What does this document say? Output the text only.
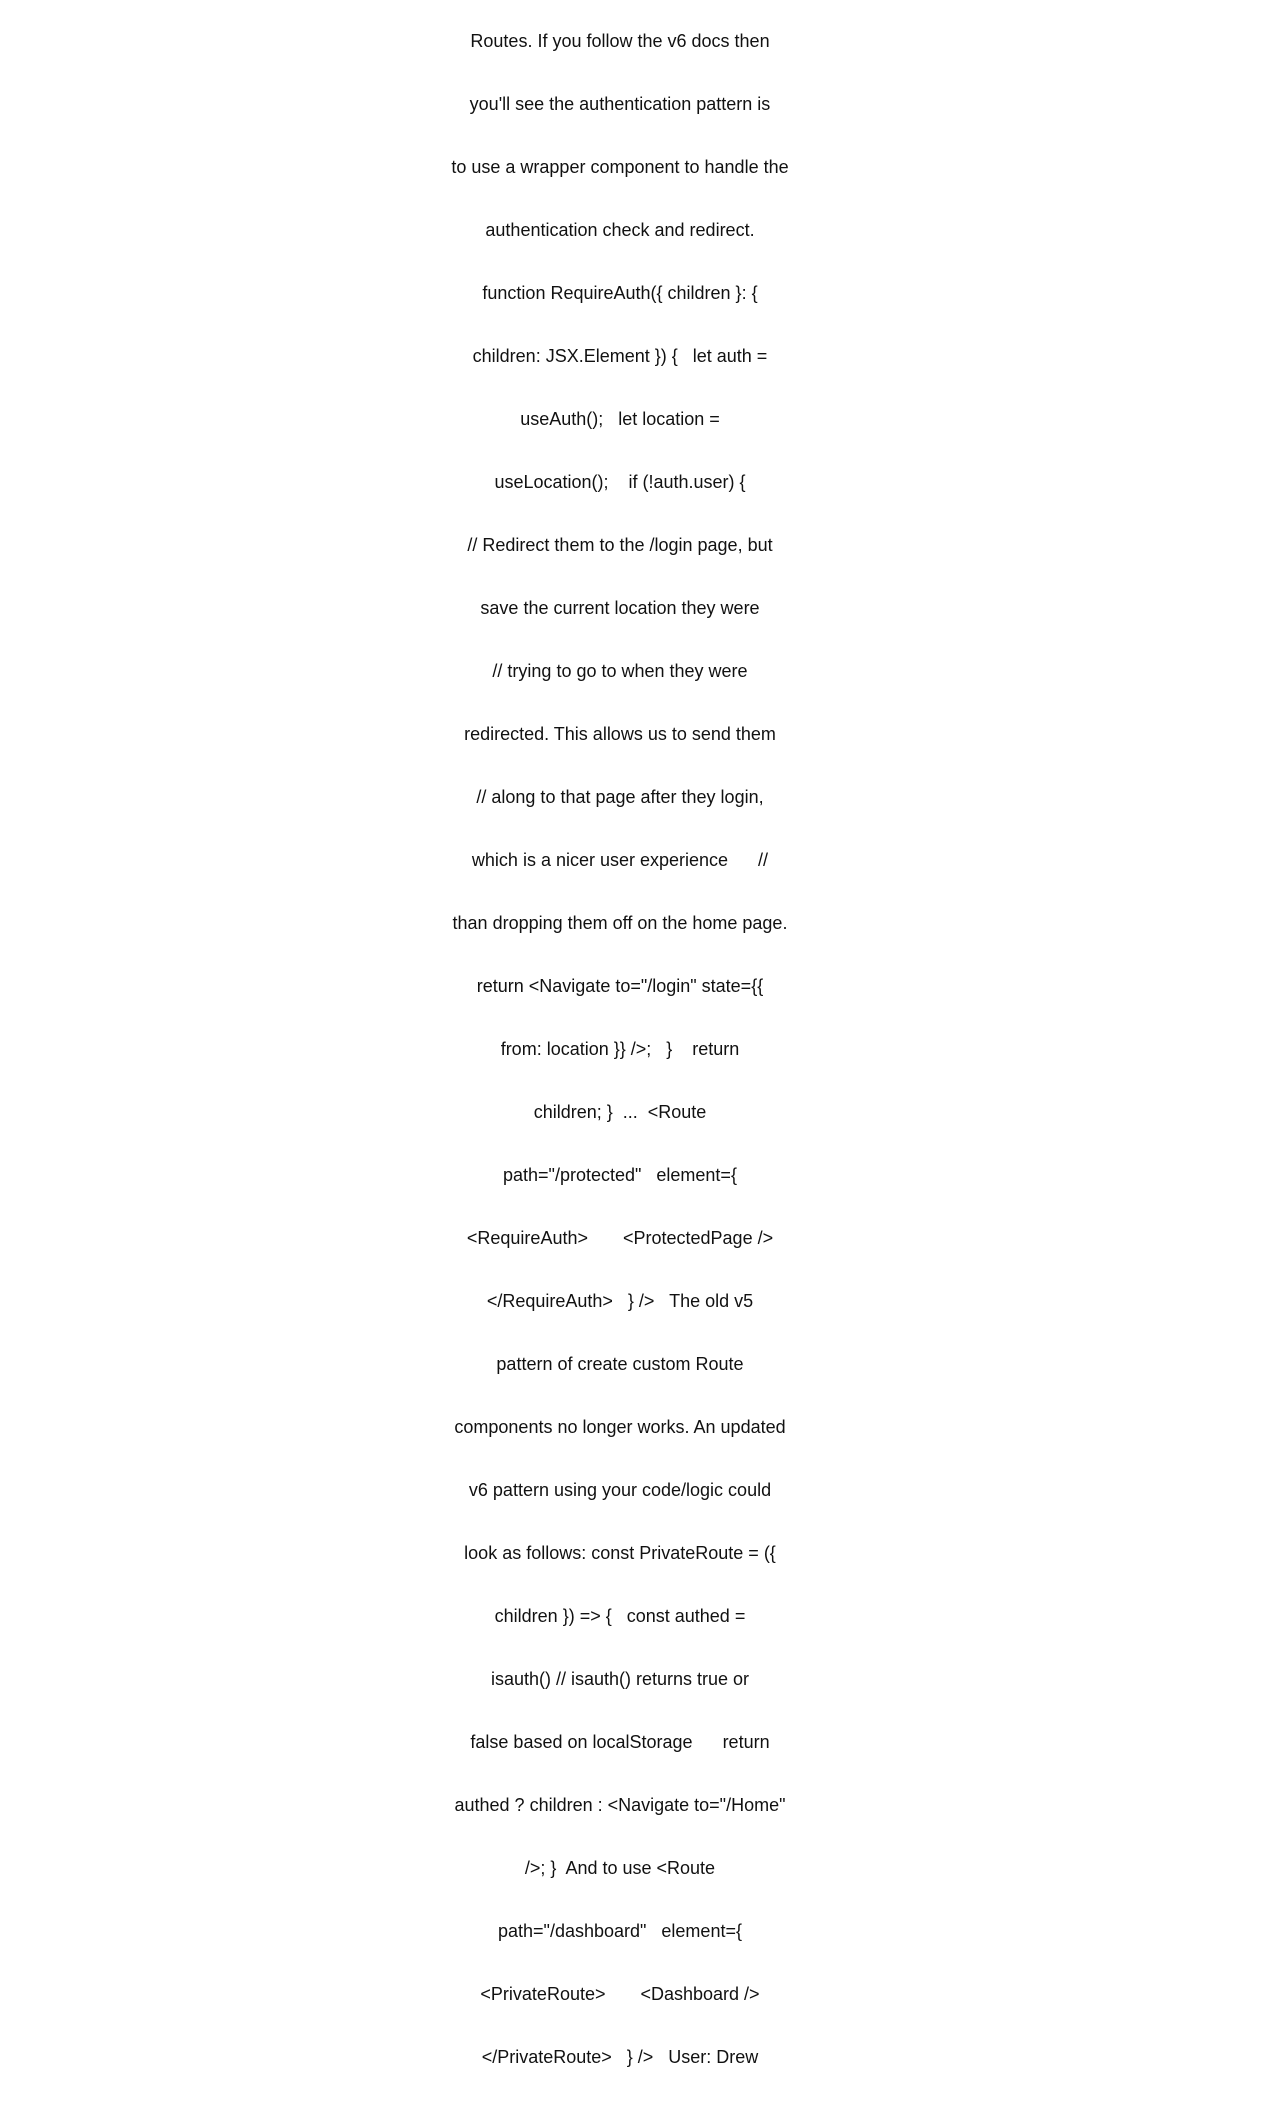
Routes. If you follow the v6 docs then

you'll see the authentication pattern is

to use a wrapper component to handle the

authentication check and redirect.

function RequireAuth({ children }: {

children: JSX.Element }) {   let auth =

useAuth();   let location =

useLocation();    if (!auth.user) {

// Redirect them to the /login page, but

save the current location they were

// trying to go to when they were

redirected. This allows us to send them

// along to that page after they login,

which is a nicer user experience      //

than dropping them off on the home page.

return <Navigate to="/login" state={{

from: location }} />;   }    return

children; }  ...  <Route

path="/protected"   element={

<RequireAuth>       <ProtectedPage />

</RequireAuth>   } />   The old v5

pattern of create custom Route

components no longer works. An updated

v6 pattern using your code/logic could

look as follows: const PrivateRoute = ({

children }) => {   const authed =

isauth() // isauth() returns true or

false based on localStorage      return

authed ? children : <Navigate to="/Home"

/>; }  And to use <Route

path="/dashboard"   element={

<PrivateRoute>       <Dashboard />

</PrivateRoute>   } />   User: Drew
